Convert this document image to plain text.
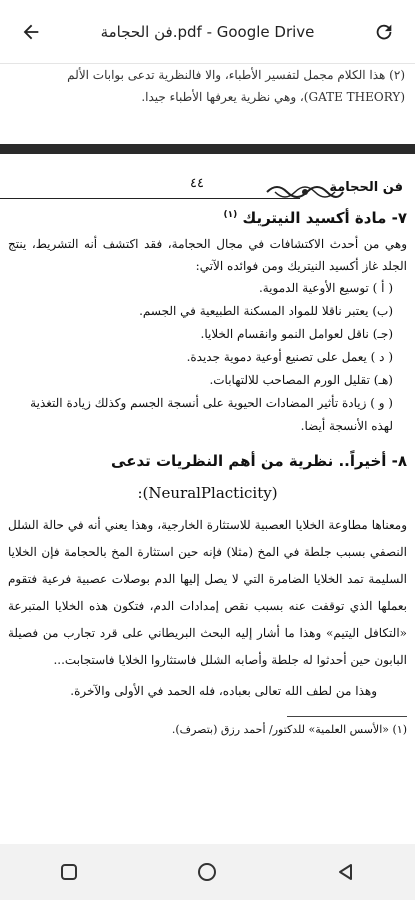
فن الحجامة.pdf - Google Drive

(٢) هذا الكلام مجمل لتفسير الأطباء، والا فالنظرية تدعى بوابات الألم

(GATE THEORY)، وهي نظرية يعرفها الأطباء جيدا.

فن الحجامة
٤٤

٧- مادة أكسيد النيتريك $^{(١)}$

وهي من أحدث الاكتشافات في مجال الحجامة، فقد اكتشف أنه التشريط، ينتج الجلد غاز أكسيد النيتريك ومن فوائده الآتي:

( أ ) توسيع الأوعية الدموية.
(ب) يعتبر ناقلا للمواد المسكنة الطبيعية في الجسم.
(جـ) ناقل لعوامل النمو وانقسام الخلايا.
( د ) يعمل على تصنيع أوعية دموية جديدة.
(هـ) تقليل الورم المصاحب للالتهابات.
( و ) زيادة تأثير المضادات الحيوية على أنسجة الجسم وكذلك زيادة التغذية لهذه الأنسجة أيضا.

٨- أخيراً.. نظرية من أهم النظريات تدعى

:(NeuralPlacticity)

ومعناها مطاوعة الخلايا العصبية للاستثارة الخارجية، وهذا يعني أنه في حالة الشلل النصفي بسبب جلطة في المخ (مثلا) فإنه حين استثارة المخ بالحجامة فإن الخلايا السليمة تمد الخلايا الضامرة التي لا يصل إليها الدم بوصلات عصبية فرعية فتقوم بعملها الذي توقفت عنه بسبب نقص إمدادات الدم، فتكون هذه الخلايا المتبرعة «التكافل اليتيم» وهذا ما أشار إليه البحث البريطاني على قرد تجارب من فصيلة البابون حين أحدثوا له جلطة وأصابه الشلل فاستثاروا الخلايا فاستجابت...

وهذا من لطف الله تعالى بعباده، فله الحمد في الأولى والآخرة.

(١) «الأسس العلمية» للدكتور/ أحمد رزق (بتصرف).
